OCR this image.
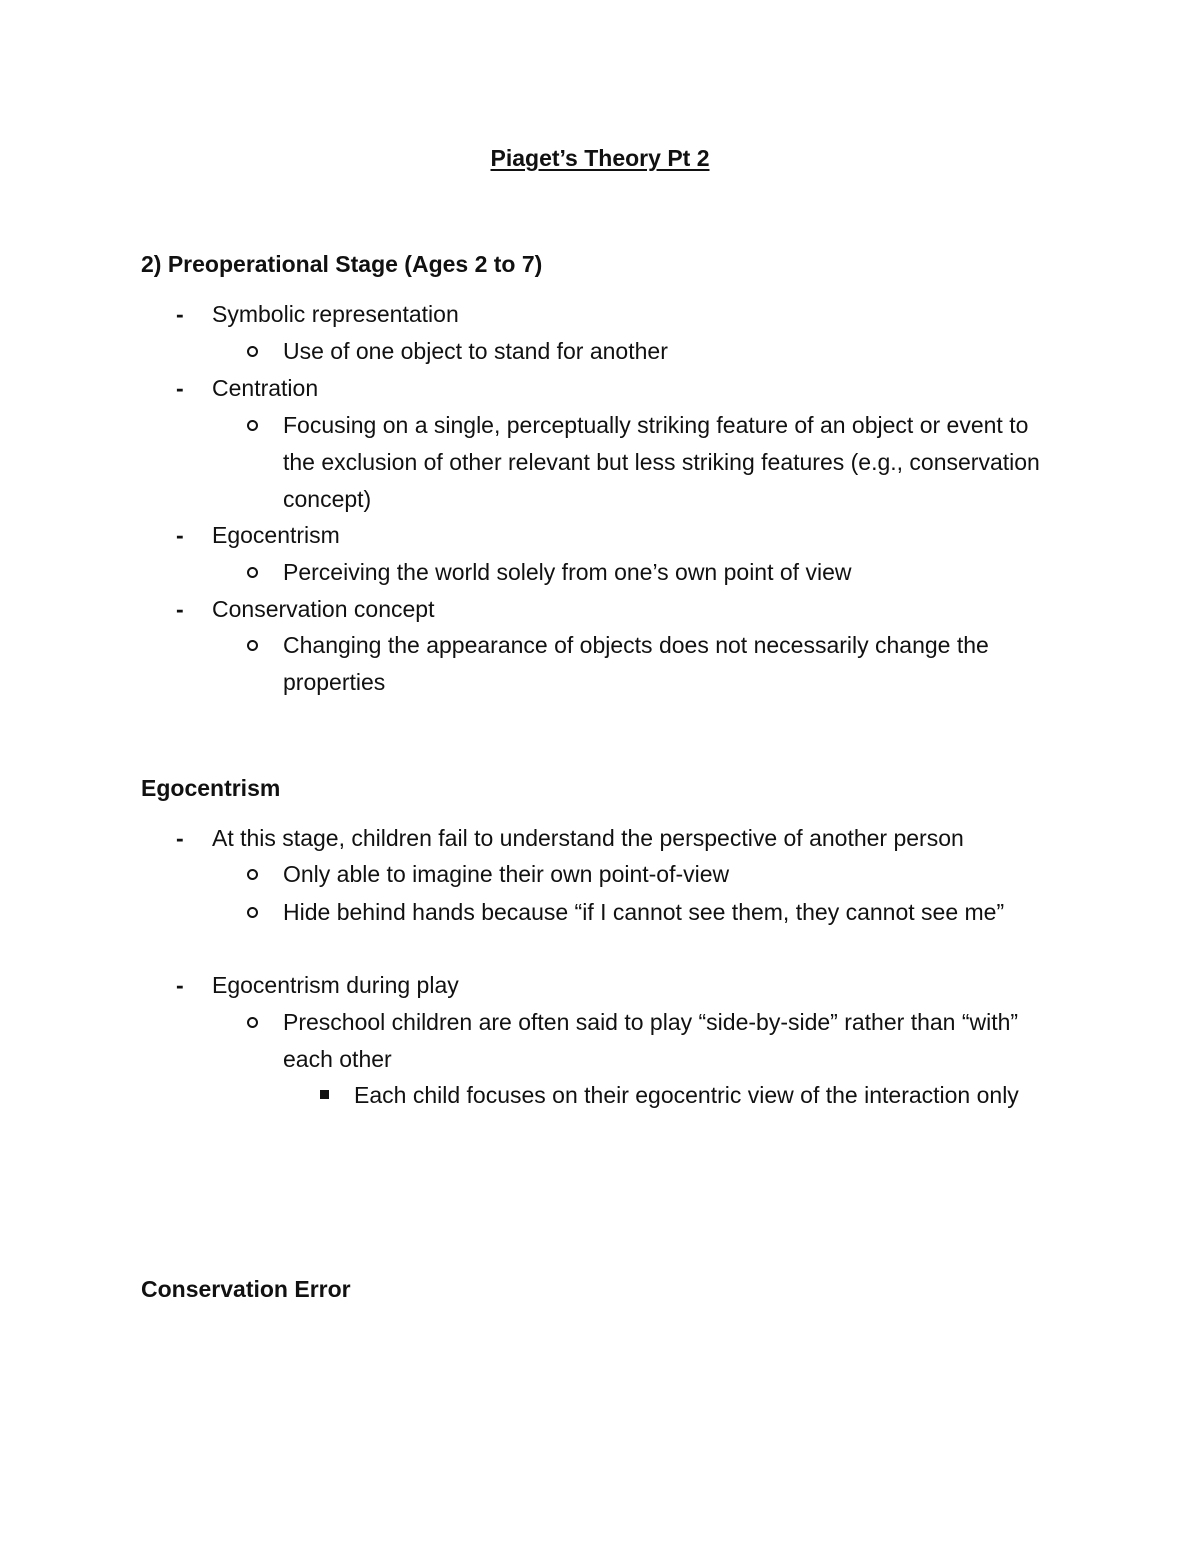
Piaget’s Theory Pt 2
2) Preoperational Stage (Ages 2 to 7)
- Symbolic representation
Use of one object to stand for another
- Centration
Focusing on a single, perceptually striking feature of an object or event to the exclusion of other relevant but less striking features (e.g., conservation concept)
- Egocentrism
Perceiving the world solely from one’s own point of view
- Conservation concept
Changing the appearance of objects does not necessarily change the properties
Egocentrism
- At this stage, children fail to understand the perspective of another person
Only able to imagine their own point-of-view
Hide behind hands because “if I cannot see them, they cannot see me”
- Egocentrism during play
Preschool children are often said to play “side-by-side” rather than “with” each other
Each child focuses on their egocentric view of the interaction only
Conservation Error
